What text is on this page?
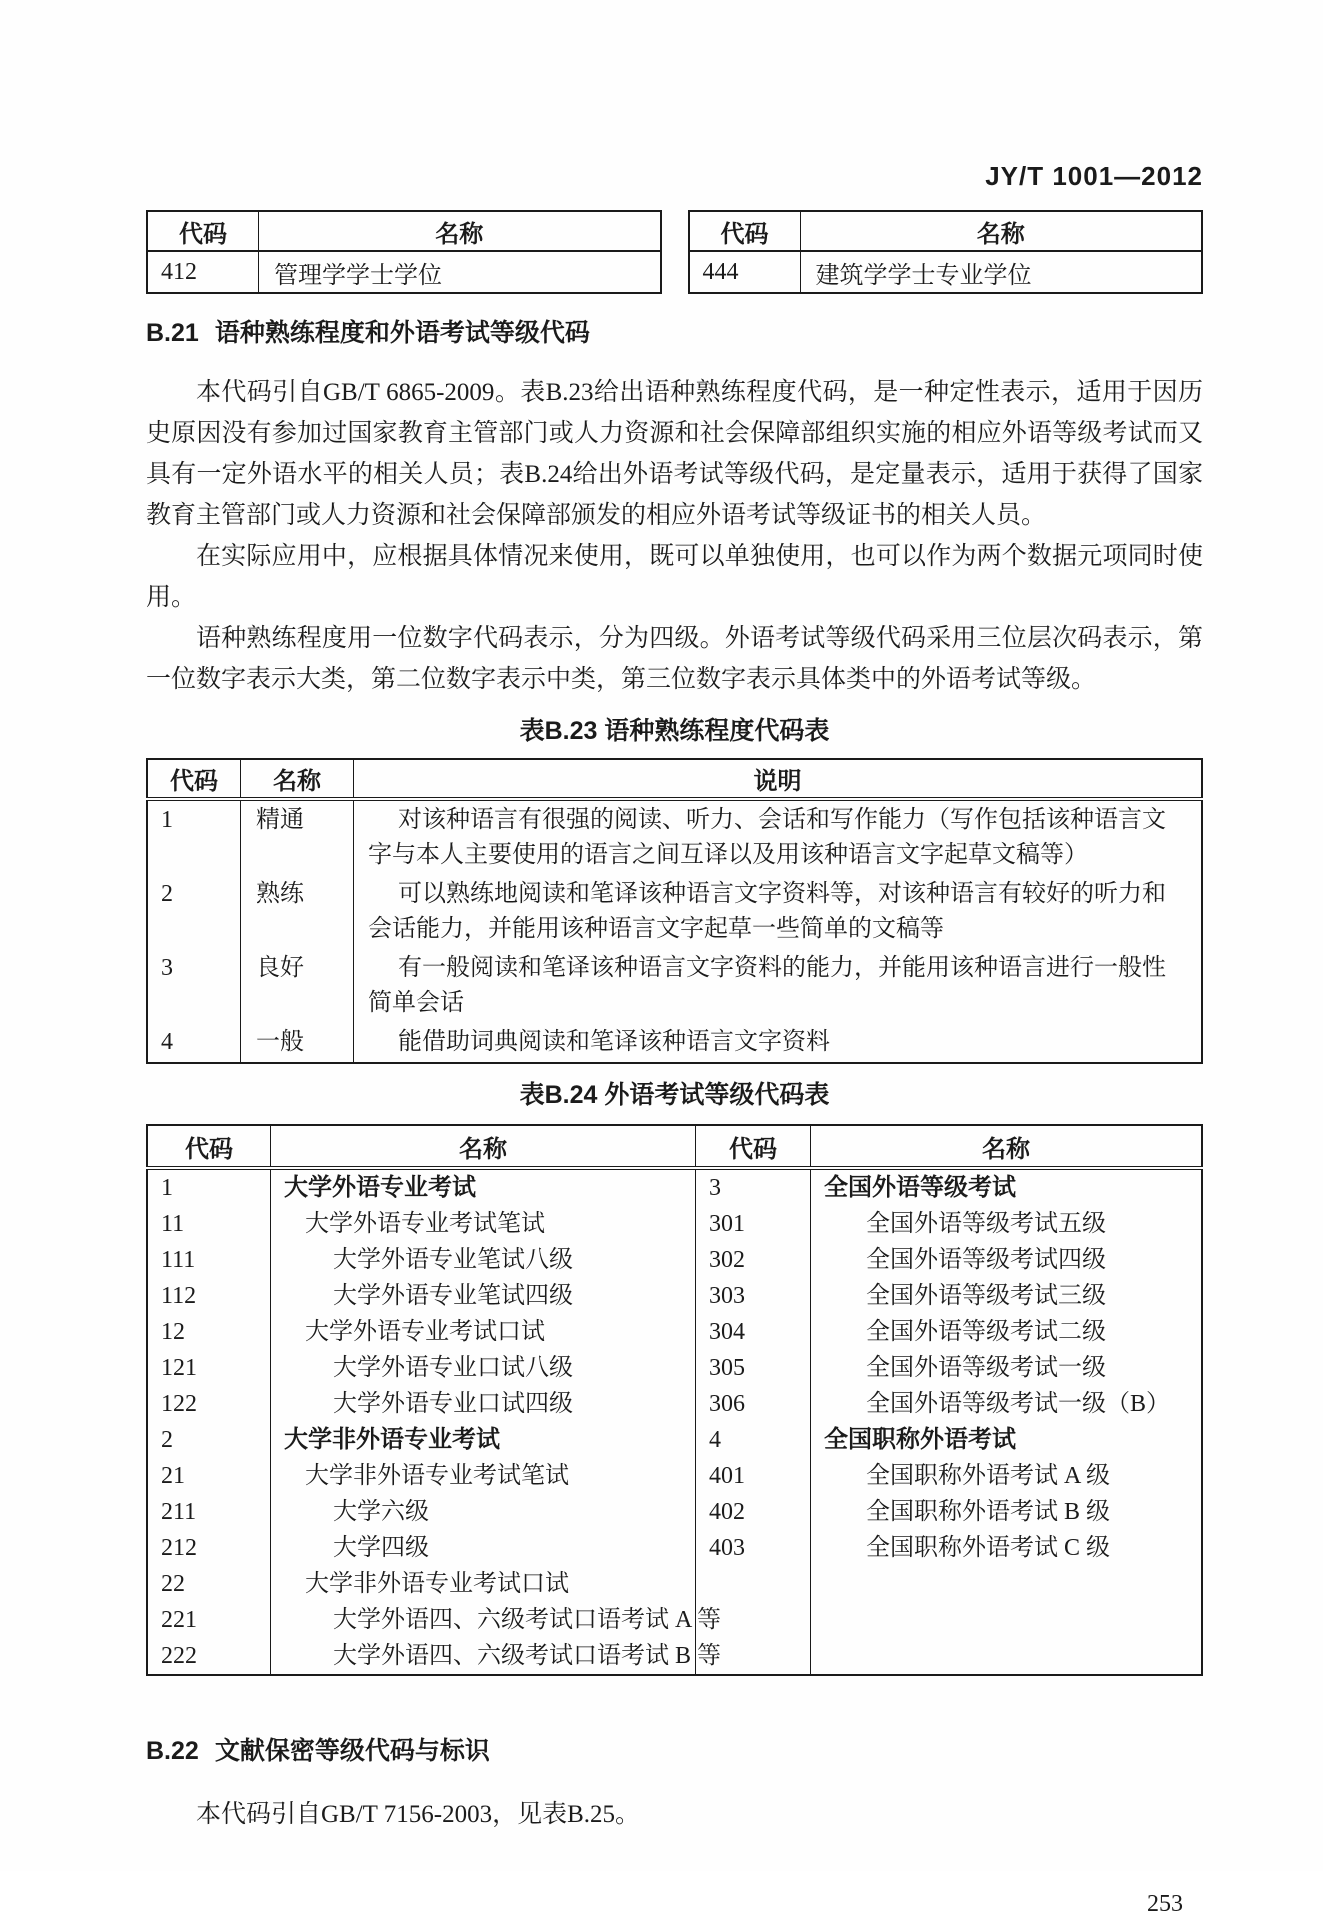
JY/T 1001—2012
代码	名称
412	管理学学士学位
代码	名称
444	建筑学学士专业学位
B.21 语种熟练程度和外语考试等级代码

本代码引自GB/T 6865-2009。表B.23给出语种熟练程度代码，是一种定性表示，适用于因历史原因没有参加过国家教育主管部门或人力资源和社会保障部组织实施的相应外语等级考试而又具有一定外语水平的相关人员；表B.24给出外语考试等级代码，是定量表示，适用于获得了国家教育主管部门或人力资源和社会保障部颁发的相应外语考试等级证书的相关人员。

在实际应用中，应根据具体情况来使用，既可以单独使用，也可以作为两个数据元项同时使用。

语种熟练程度用一位数字代码表示，分为四级。外语考试等级代码采用三位层次码表示，第一位数字表示大类，第二位数字表示中类，第三位数字表示具体类中的外语考试等级。

表B.23 语种熟练程度代码表
代码	名称	说明
1	精通	对该种语言有很强的阅读、听力、会话和写作能力（写作包括该种语言文字与本人主要使用的语言之间互译以及用该种语言文字起草文稿等）
2	熟练	可以熟练地阅读和笔译该种语言文字资料等，对该种语言有较好的听力和会话能力，并能用该种语言文字起草一些简单的文稿等
3	良好	有一般阅读和笔译该种语言文字资料的能力，并能用该种语言进行一般性简单会话
4	一般	能借助词典阅读和笔译该种语言文字资料
表B.24 外语考试等级代码表
代码	名称	代码	名称
1	大学外语专业考试	3	全国外语等级考试
11	大学外语专业考试笔试	301	全国外语等级考试五级
111	大学外语专业笔试八级	302	全国外语等级考试四级
112	大学外语专业笔试四级	303	全国外语等级考试三级
12	大学外语专业考试口试	304	全国外语等级考试二级
121	大学外语专业口试八级	305	全国外语等级考试一级
122	大学外语专业口试四级	306	全国外语等级考试一级（B）
2	大学非外语专业考试	4	全国职称外语考试
21	大学非外语专业考试笔试	401	全国职称外语考试 A 级
211	大学六级	402	全国职称外语考试 B 级
212	大学四级	403	全国职称外语考试 C 级
22	大学非外语专业考试口试		
221	大学外语四、六级考试口语考试 A 等		
222	大学外语四、六级考试口语考试 B 等		
B.22 文献保密等级代码与标识

本代码引自GB/T 7156-2003，见表B.25。

253
